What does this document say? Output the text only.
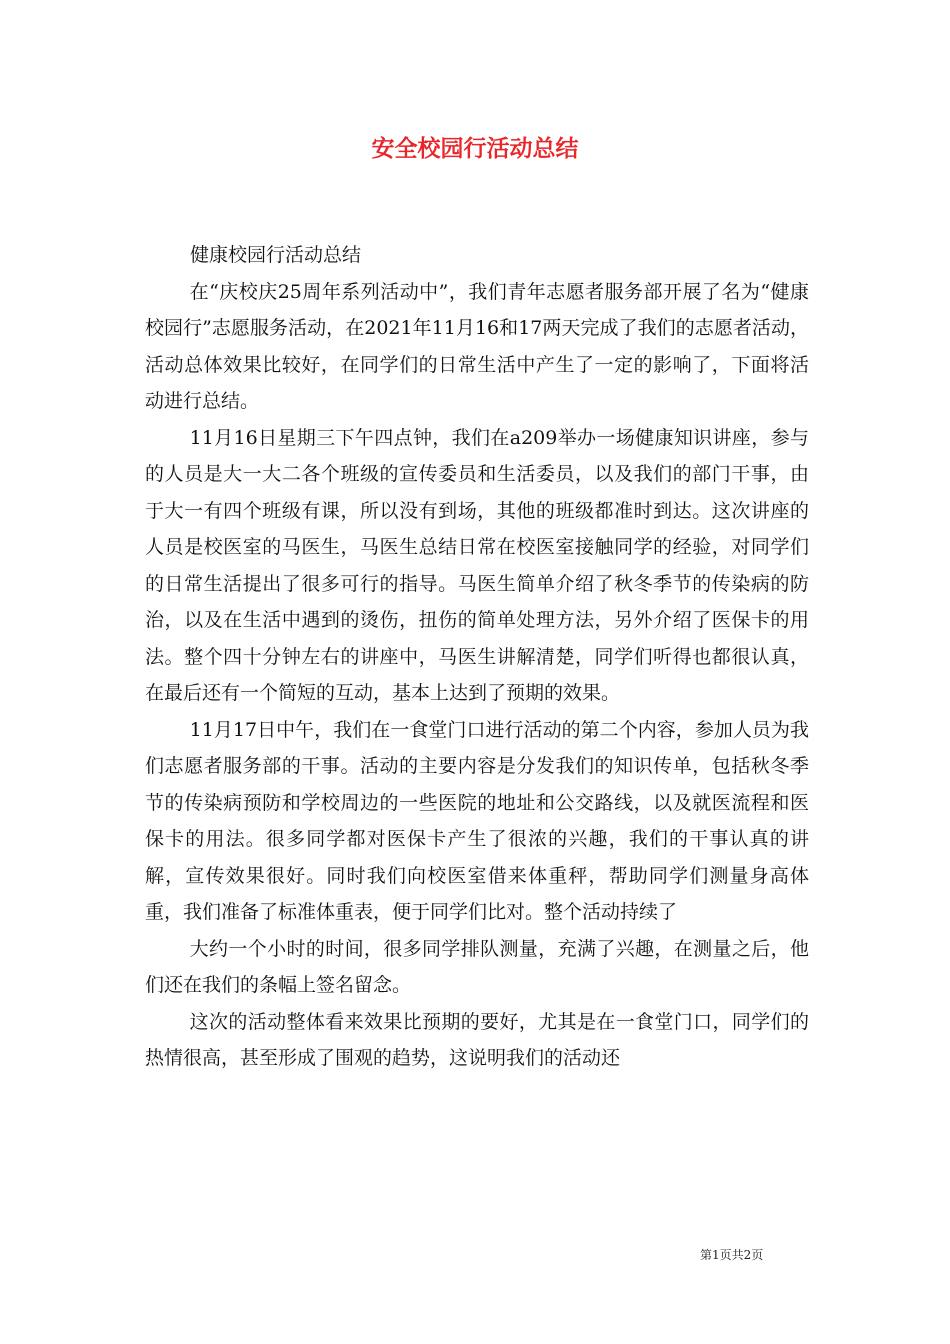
安全校园行活动总结

健康校园行活动总结

在“庆校庆25周年系列活动中”，我们青年志愿者服务部开展了名为“健康校园行”志愿服务活动，在2021年11月16和17两天完成了我们的志愿者活动，活动总体效果比较好，在同学们的日常生活中产生了一定的影响了，下面将活动进行总结。

11月16日星期三下午四点钟，我们在a209举办一场健康知识讲座，参与的人员是大一大二各个班级的宣传委员和生活委员，以及我们的部门干事，由于大一有四个班级有课，所以没有到场，其他的班级都准时到达。这次讲座的人员是校医室的马医生，马医生总结日常在校医室接触同学的经验，对同学们的日常生活提出了很多可行的指导。马医生简单介绍了秋冬季节的传染病的防治，以及在生活中遇到的烫伤，扭伤的简单处理方法，另外介绍了医保卡的用法。整个四十分钟左右的讲座中，马医生讲解清楚，同学们听得也都很认真，在最后还有一个简短的互动，基本上达到了预期的效果。

11月17日中午，我们在一食堂门口进行活动的第二个内容，参加人员为我们志愿者服务部的干事。活动的主要内容是分发我们的知识传单，包括秋冬季节的传染病预防和学校周边的一些医院的地址和公交路线，以及就医流程和医保卡的用法。很多同学都对医保卡产生了很浓的兴趣，我们的干事认真的讲解，宣传效果很好。同时我们向校医室借来体重秤，帮助同学们测量身高体重，我们准备了标准体重表，便于同学们比对。整个活动持续了

大约一个小时的时间，很多同学排队测量，充满了兴趣，在测量之后，他们还在我们的条幅上签名留念。

这次的活动整体看来效果比预期的要好，尤其是在一食堂门口，同学们的热情很高，甚至形成了围观的趋势，这说明我们的活动还

第1页共2页
